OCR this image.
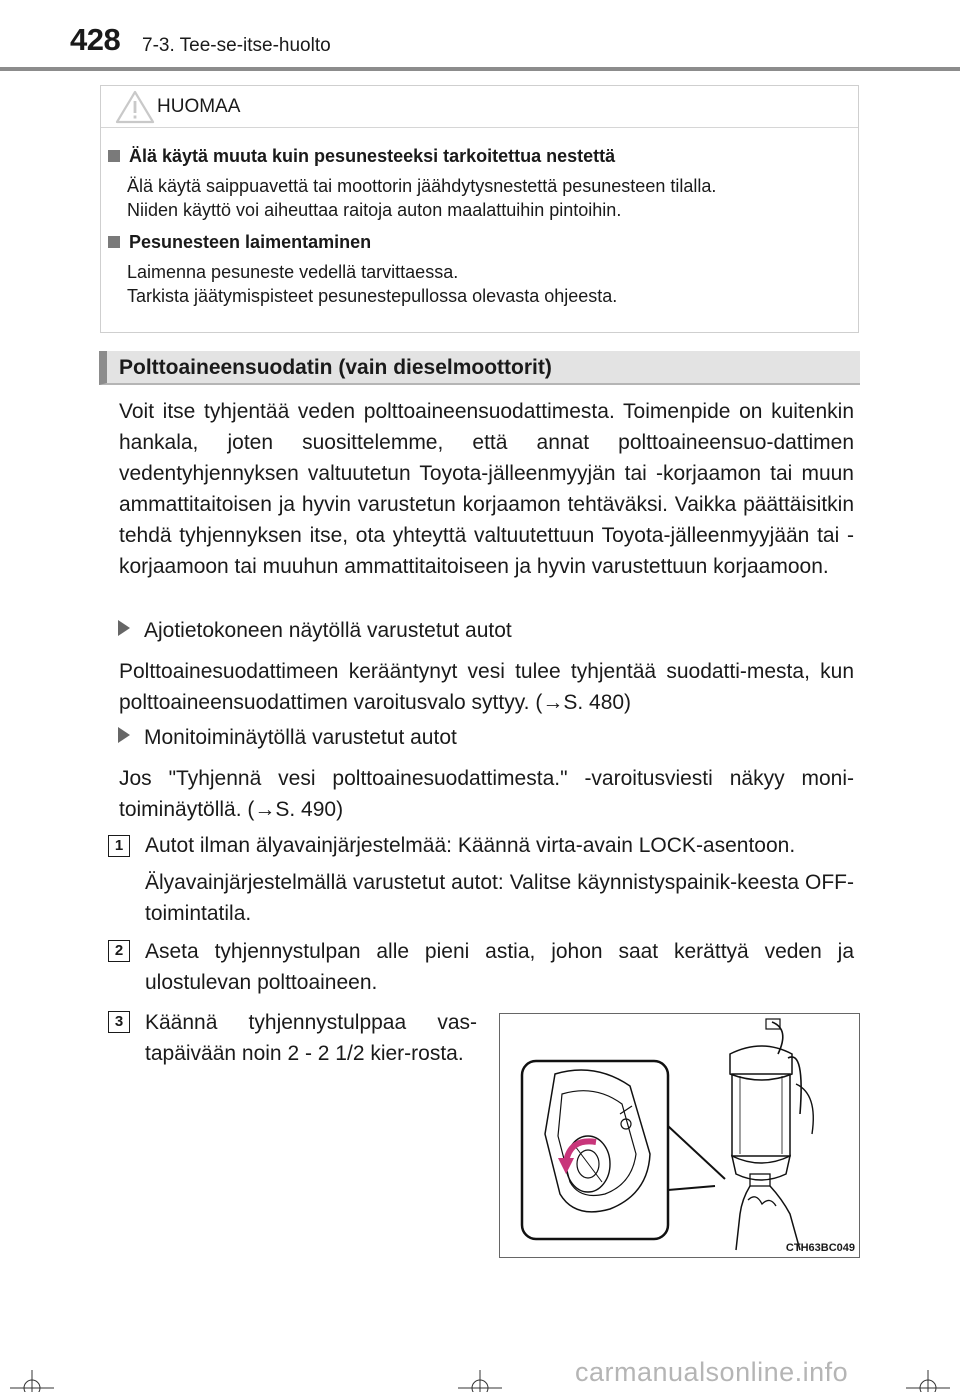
428 7-3. Tee-se-itse-huolto
HUOMAA
Älä käytä muuta kuin pesunesteeksi tarkoitettua nestettä
Älä käytä saippuavettä tai moottorin jäähdytysnestettä pesunesteen tilalla.
Niiden käyttö voi aiheuttaa raitoja auton maalattuihin pintoihin.
Pesunesteen laimentaminen
Laimenna pesuneste vedellä tarvittaessa.
Tarkista jäätymispisteet pesunestepullossa olevasta ohjeesta.
Polttoaineensuodatin (vain dieselmoottorit)
Voit itse tyhjentää veden polttoaineensuodattimesta. Toimenpide on kuitenkin hankala, joten suosittelemme, että annat polttoaineensuo-dattimen vedentyhjennyksen valtuutetun Toyota-jälleenmyyjän tai -korjaamon tai muun ammattitaitoisen ja hyvin varustetun korjaamon tehtäväksi. Vaikka päättäisitkin tehdä tyhjennyksen itse, ota yhteyttä valtuutettuun Toyota-jälleenmyyjään tai -korjaamoon tai muuhun ammattitaitoiseen ja hyvin varustettuun korjaamoon.
Ajotietokoneen näytöllä varustetut autot
Polttoainesuodattimeen kerääntynyt vesi tulee tyhjentää suodatti-mesta, kun polttoaineensuodattimen varoitusvalo syttyy. (→S. 480)
Monitoiminäytöllä varustetut autot
Jos "Tyhjennä vesi polttoainesuodattimesta." -varoitusviesti näkyy moni-toiminäytöllä. (→S. 490)
1	Autot ilman älyavainjärjestelmää: Käännä virta-avain LOCK-asentoon.
Älyavainjärjestelmällä varustetut autot: Valitse käynnistyspainik-keesta OFF-toimintatila.
2	Aseta tyhjennystulpan alle pieni astia, johon saat kerättyä veden ja ulostulevan polttoaineen.
3	Käännä tyhjennystulppaa vas-tapäivään noin 2 - 2 1/2 kier-rosta.
CTH63BC049
carmanualsonline.info
